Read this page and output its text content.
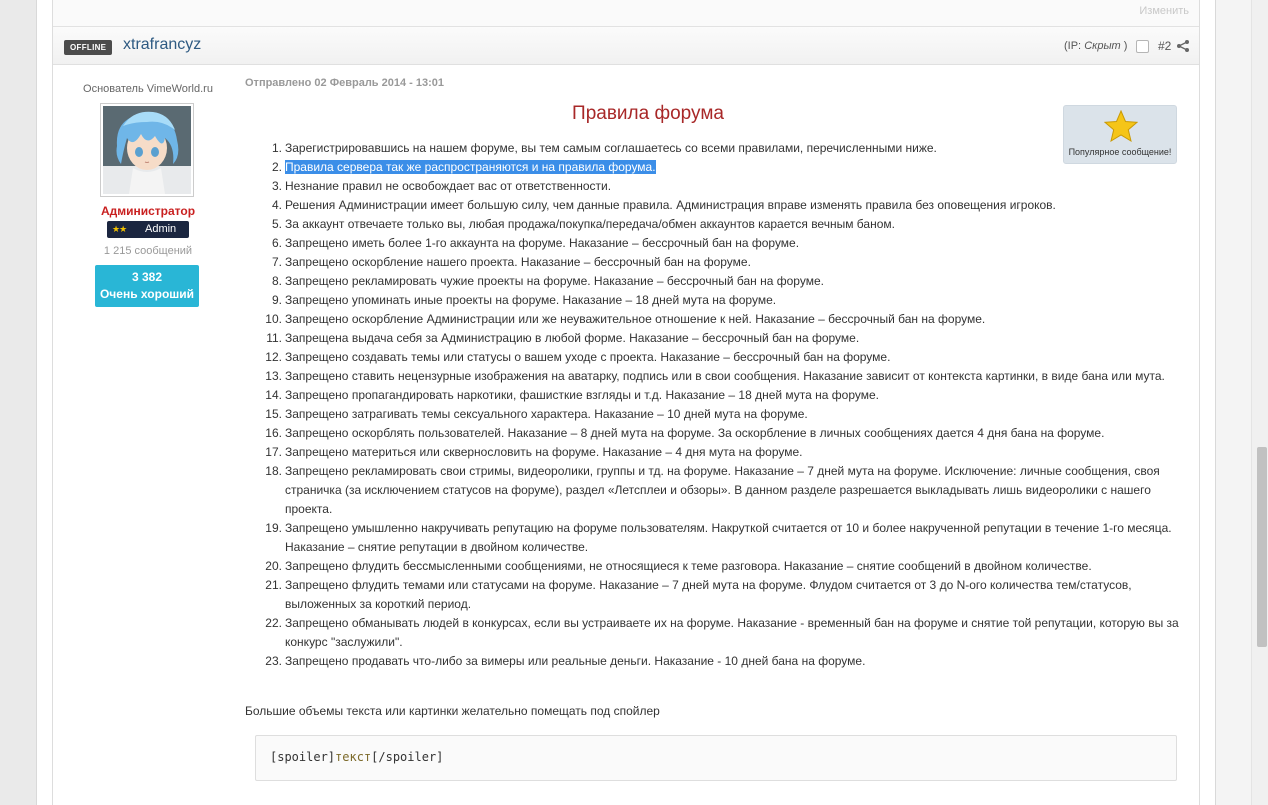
Изменить
OFFLINE	xtrafrancyz	(IP: Скрыт )	#2
Основатель VimeWorld.ru
Администратор
★★ Admin
1 215 сообщений
3 382
Очень хороший
Отправлено 02 Февраль 2014 - 13:01
Популярное сообщение!
Правила форума
Зарегистрировавшись на нашем форуме, вы тем самым соглашаетесь со всеми правилами, перечисленными ниже.
Правила сервера так же распространяются и на правила форума.
Незнание правил не освобождает вас от ответственности.
Решения Администрации имеет большую силу, чем данные правила. Администрация вправе изменять правила без оповещения игроков.
За аккаунт отвечаете только вы, любая продажа/покупка/передача/обмен аккаунтов карается вечным баном.
Запрещено иметь более 1-го аккаунта на форуме. Наказание – бессрочный бан на форуме.
Запрещено оскорбление нашего проекта. Наказание – бессрочный бан на форуме.
Запрещено рекламировать чужие проекты на форуме. Наказание – бессрочный бан на форуме.
Запрещено упоминать иные проекты на форуме. Наказание – 18 дней мута на форуме.
Запрещено оскорбление Администрации или же неуважительное отношение к ней. Наказание – бессрочный бан на форуме.
Запрещена выдача себя за Администрацию в любой форме. Наказание – бессрочный бан на форуме.
Запрещено создавать темы или статусы о вашем уходе с проекта. Наказание – бессрочный бан на форуме.
Запрещено ставить нецензурные изображения на аватарку, подпись или в свои сообщения. Наказание зависит от контекста картинки, в виде бана или мута.
Запрещено пропагандировать наркотики, фашисткие взгляды и т.д. Наказание – 18 дней мута на форуме.
Запрещено затрагивать темы сексуального характера. Наказание – 10 дней мута на форуме.
Запрещено оскорблять пользователей. Наказание – 8 дней мута на форуме. За оскорбление в личных сообщениях дается 4 дня бана на форуме.
Запрещено материться или сквернословить на форуме. Наказание – 4 дня мута на форуме.
Запрещено рекламировать свои стримы, видеоролики, группы и тд. на форуме. Наказание – 7 дней мута на форуме. Исключение: личные сообщения, своя страничка (за исключением статусов на форуме), раздел «Летсплеи и обзоры». В данном разделе разрешается выкладывать лишь видеоролики с нашего проекта.
Запрещено умышленно накручивать репутацию на форуме пользователям. Накруткой считается от 10 и более накрученной репутации в течение 1-го месяца. Наказание – снятие репутации в двойном количестве.
Запрещено флудить бессмысленными сообщениями, не относящиеся к теме разговора. Наказание – снятие сообщений в двойном количестве.
Запрещено флудить темами или статусами на форуме. Наказание – 7 дней мута на форуме. Флудом считается от 3 до N-ого количества тем/статусов, выложенных за короткий период.
Запрещено обманывать людей в конкурсах, если вы устраиваете их на форуме. Наказание - временный бан на форуме и снятие той репутации, которую вы за конкурс "заслужили".
Запрещено продавать что-либо за вимеры или реальные деньги. Наказание - 10 дней бана на форуме.
Большие объемы текста или картинки желательно помещать под спойлер
[spoiler]текст[/spoiler]
